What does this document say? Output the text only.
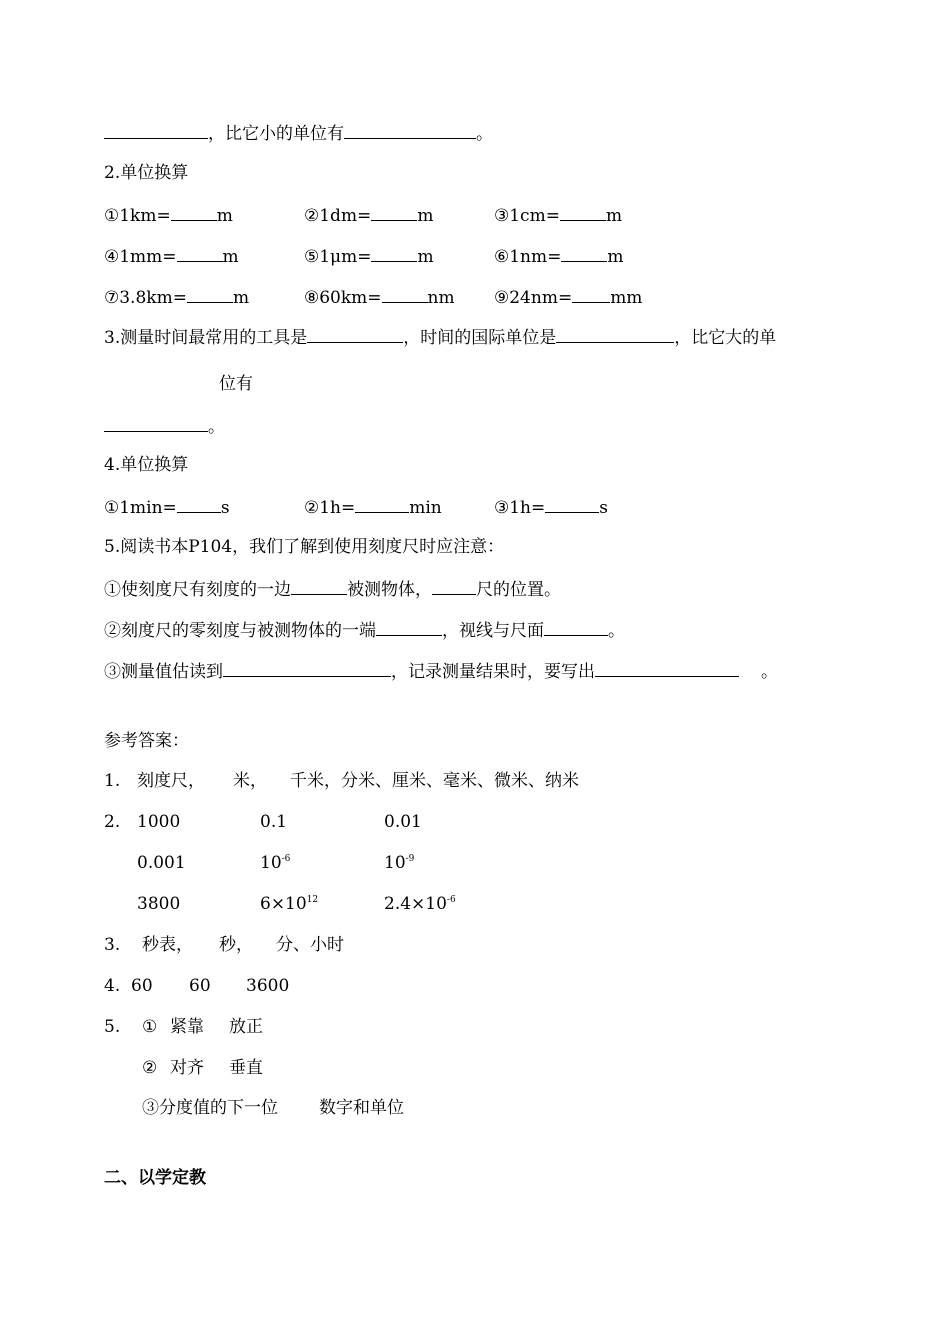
，比它小的单位有	。
2.单位换算
①1km=	m	②1dm=	m	③1cm=	m
④1mm=	m	⑤1μm=	m	⑥1nm=	m
⑦3.8km=	m	⑧60km=	nm ⑨24nm= mm
3.测量时间最常用的工具是	，时间的国际单位是	，比它大的单
位有
。
4.单位换算
①1min=	s	②1h=	min	③1h=	s
5.阅读书本P104，我们了解到使用刻度尺时应注意：
①使刻度尺有刻度的一边	被测物体，	尺的位置。
②刻度尺的零刻度与被测物体的一端	，视线与尺面	。
③测量值估读到	，记录测量结果时，要写出	。
参考答案：
1. 刻度尺， 米， 千米，分米、厘米、毫米、微米、纳米
2. 1000	0.1	0.01
0.001	$10^{-6}$	$10^{-9}$
3800	$6\times 10^{12}$	$2.4\times 10^{-6}$
3. 秒表， 秒， 分、小时
4. 60 60 3600
5. ① 紧靠 放正
② 对齐 垂直
③分度值的下一位 数字和单位
二、以学定教
